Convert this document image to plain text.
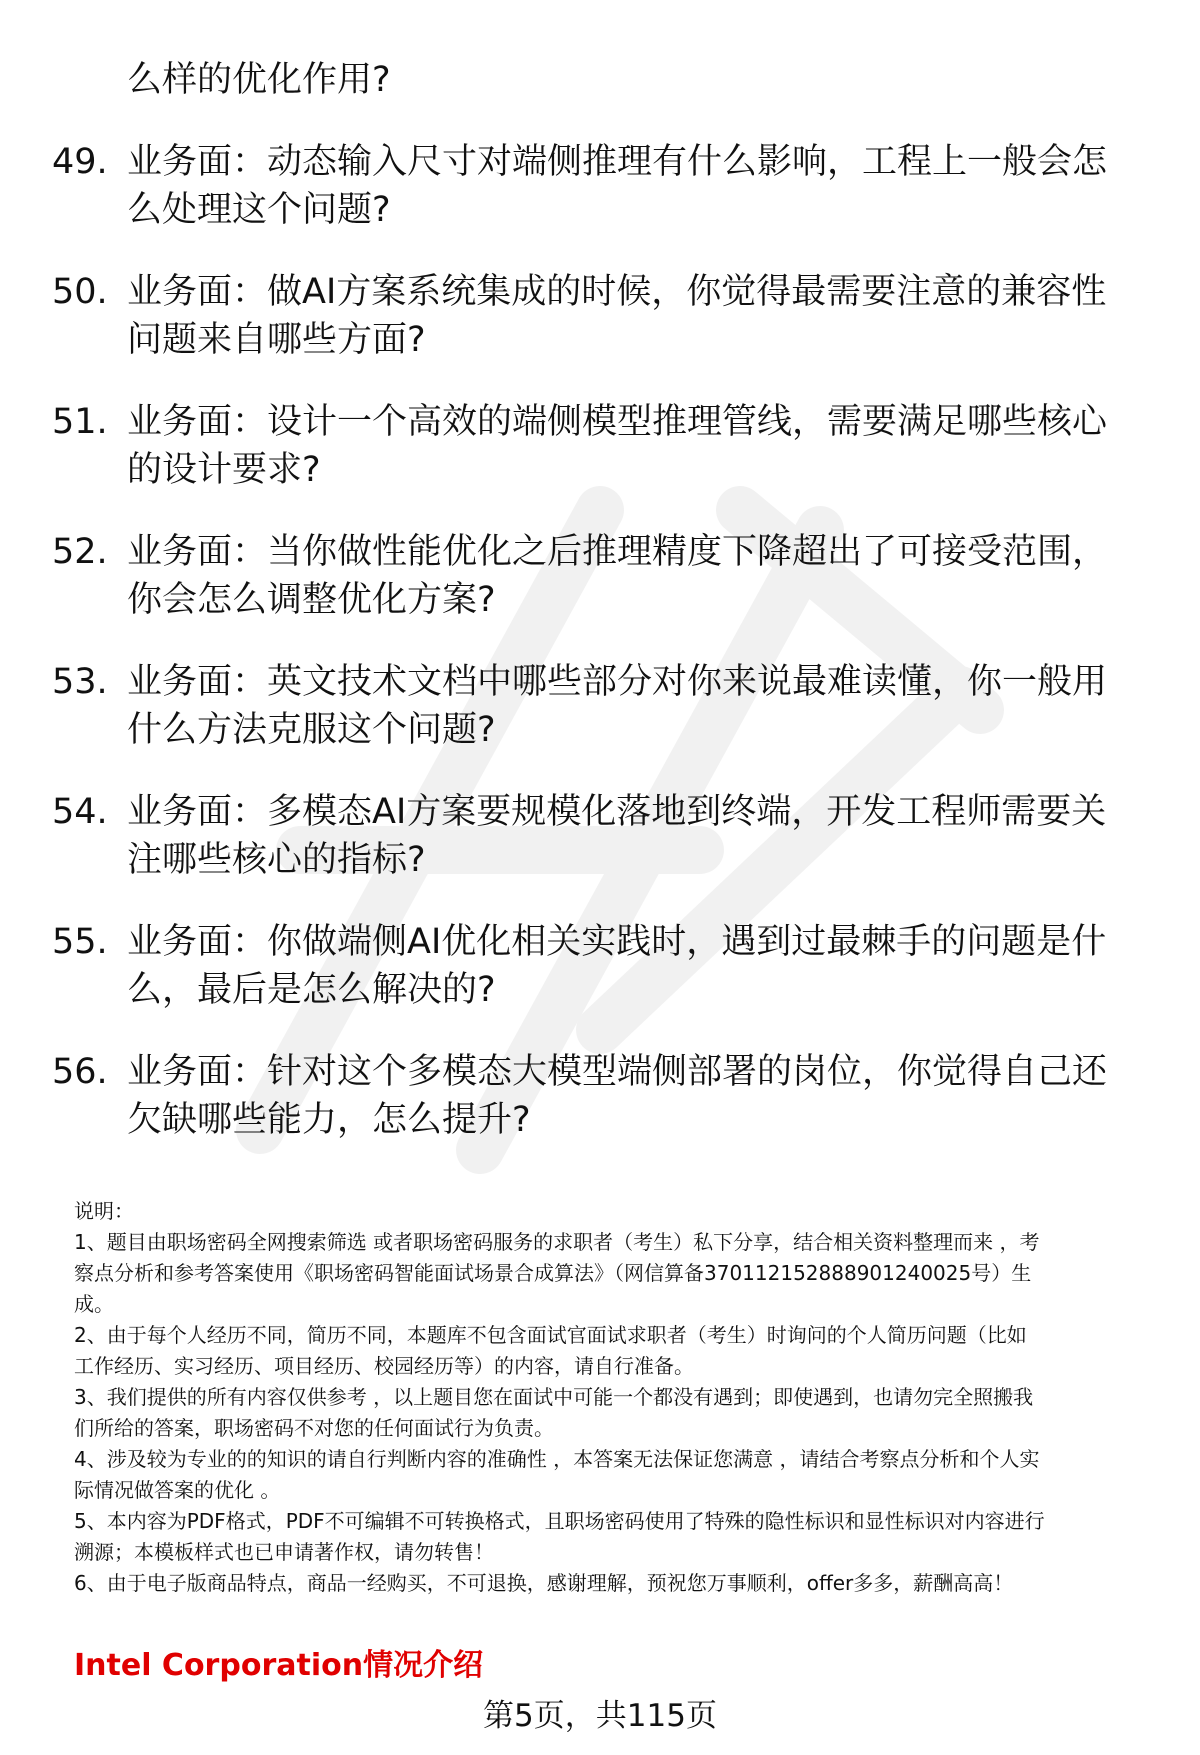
么样的优化作用?
49. 业务面：动态输入尺寸对端侧推理有什么影响，工程上一般会怎
么处理这个问题?
50. 业务面：做AI方案系统集成的时候，你觉得最需要注意的兼容性
问题来自哪些方面?
51. 业务面：设计一个高效的端侧模型推理管线，需要满足哪些核心
的设计要求?
52. 业务面：当你做性能优化之后推理精度下降超出了可接受范围，
你会怎么调整优化方案?
53. 业务面：英文技术文档中哪些部分对你来说最难读懂，你一般用
什么方法克服这个问题?
54. 业务面：多模态AI方案要规模化落地到终端，开发工程师需要关
注哪些核心的指标?
55. 业务面：你做端侧AI优化相关实践时，遇到过最棘手的问题是什
么，最后是怎么解决的?
56. 业务面：针对这个多模态大模型端侧部署的岗位，你觉得自己还
欠缺哪些能力，怎么提升?
说明：
1、题目由职场密码全网搜索筛选 或者职场密码服务的求职者（考生）私下分享，结合相关资料整理而来 ，考
察点分析和参考答案使用《职场密码智能面试场景合成算法》（网信算备370112152888901240025号）生
成。
2、由于每个人经历不同，简历不同，本题库不包含面试官面试求职者（考生）时询问的个人简历问题（比如
工作经历、实习经历、项目经历、校园经历等）的内容，请自行准备。
3、我们提供的所有内容仅供参考 ，以上题目您在面试中可能一个都没有遇到；即使遇到，也请勿完全照搬我
们所给的答案，职场密码不对您的任何面试行为负责。
4、涉及较为专业的的知识的请自行判断内容的准确性 ，本答案无法保证您满意 ，请结合考察点分析和个人实
际情况做答案的优化 。
5、本内容为PDF格式，PDF不可编辑不可转换格式，且职场密码使用了特殊的隐性标识和显性标识对内容进行
溯源；本模板样式也已申请著作权，请勿转售！
6、由于电子版商品特点，商品一经购买，不可退换，感谢理解，预祝您万事顺利，offer多多，薪酬高高！
Intel Corporation情况介绍
第5页，共115页
